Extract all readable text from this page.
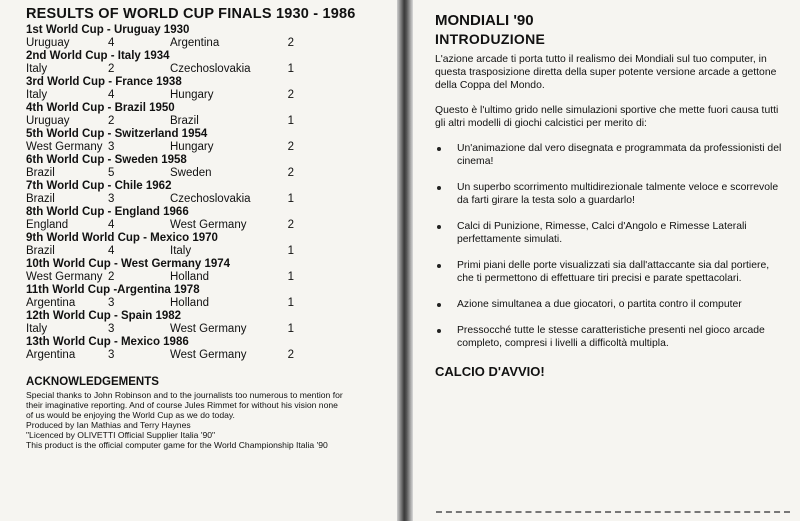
RESULTS OF WORLD CUP FINALS 1930 - 1986
1st World Cup - Uruguay 1930
Uruguay	4	Argentina	2
2nd World Cup - Italy 1934
Italy	2	Czechoslovakia	1
3rd World Cup - France 1938
Italy	4	Hungary	2
4th World Cup - Brazil 1950
Uruguay	2	Brazil	1
5th World Cup - Switzerland 1954
West Germany 3	Hungary	2
6th World Cup - Sweden 1958
Brazil	5	Sweden	2
7th World Cup - Chile 1962
Brazil	3	Czechoslovakia	1
8th World Cup - England 1966
England	4	West Germany	2
9th World World Cup - Mexico 1970
Brazil	4	Italy	1
10th World Cup - West Germany 1974
West Germany 2	Holland	1
11th World Cup -Argentina 1978
Argentina	3	Holland	1
12th World Cup - Spain 1982
Italy	3	West Germany	1
13th World Cup - Mexico 1986
Argentina	3	West Germany	2
ACKNOWLEDGEMENTS

Special thanks to John Robinson and to the journalists too numerous to mention for
their imaginative reporting. And of course Jules Rimmet for without his vision none
of us would be enjoying the World Cup as we do today.
Produced by Ian Mathias and Terry Haynes
"Licenced by OLIVETTI Official Supplier Italia '90"
This product is the official computer game for the World Championship Italia '90

MONDIALI '90
INTRODUZIONE

L'azione arcade ti porta tutto il realismo dei Mondiali sul tuo computer, in questa trasposizione diretta della super potente versione arcade a gettone della Coppa del Mondo.

Questo è l'ultimo grido nelle simulazioni sportive che mette fuori causa tutti gli altri modelli di giochi calcistici per merito di:

Un'animazione dal vero disegnata e programmata da professionisti del cinema!
Un superbo scorrimento multidirezionale talmente veloce e scorrevole da farti girare la testa solo a guardarlo!
Calci di Punizione, Rimesse, Calci d'Angolo e Rimesse Laterali perfettamente simulati.
Primi piani delle porte visualizzati sia dall'attaccante sia dal portiere, che ti permettono di effettuare tiri precisi e parate spettacolari.
Azione simultanea a due giocatori, o partita contro il computer
Pressocché tutte le stesse caratteristiche presenti nel gioco arcade completo, compresi i livelli a difficoltà multipla.
CALCIO D'AVVIO!
